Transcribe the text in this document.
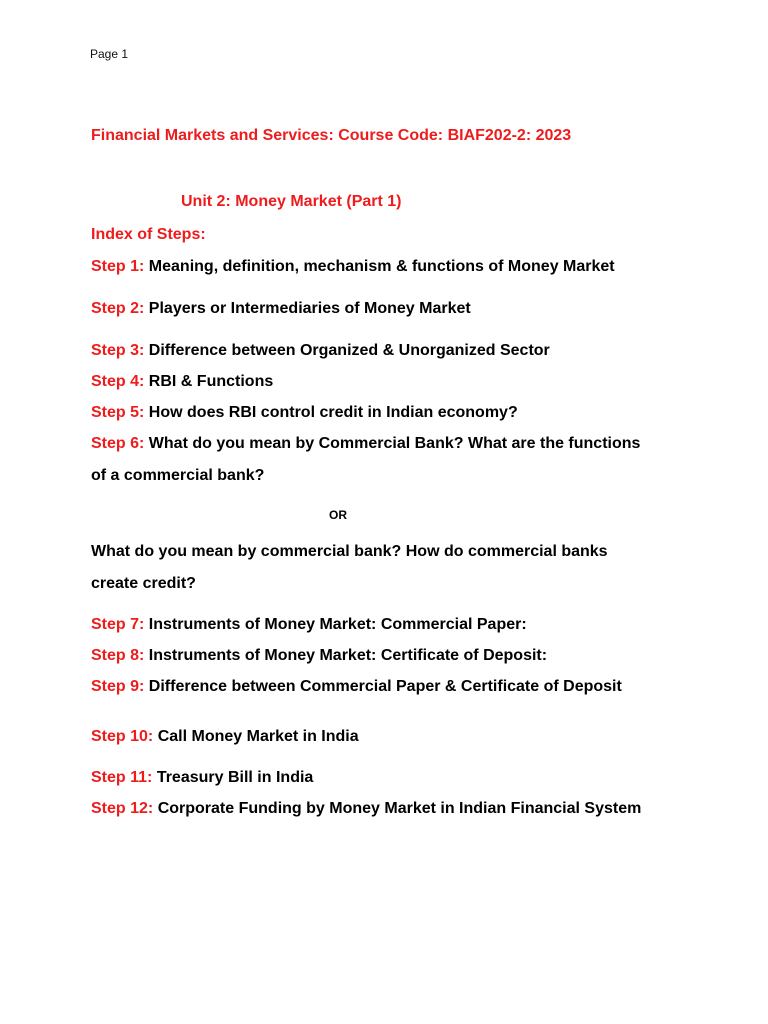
Page 1
Financial Markets and Services: Course Code: BIAF202-2: 2023
Unit 2: Money Market (Part 1)
Index of Steps:
Step 1: Meaning, definition, mechanism & functions of Money Market
Step 2: Players or Intermediaries of Money Market
Step 3: Difference between Organized & Unorganized Sector
Step 4: RBI & Functions
Step 5: How does RBI control credit in Indian economy?
Step 6: What do you mean by Commercial Bank? What are the functions
of a commercial bank?
OR
What do you mean by commercial bank? How do commercial banks
create credit?
Step 7: Instruments of Money Market: Commercial Paper:
Step 8: Instruments of Money Market: Certificate of Deposit:
Step 9: Difference between Commercial Paper & Certificate of Deposit
Step 10: Call Money Market in India
Step 11: Treasury Bill in India
Step 12: Corporate Funding by Money Market in Indian Financial System
